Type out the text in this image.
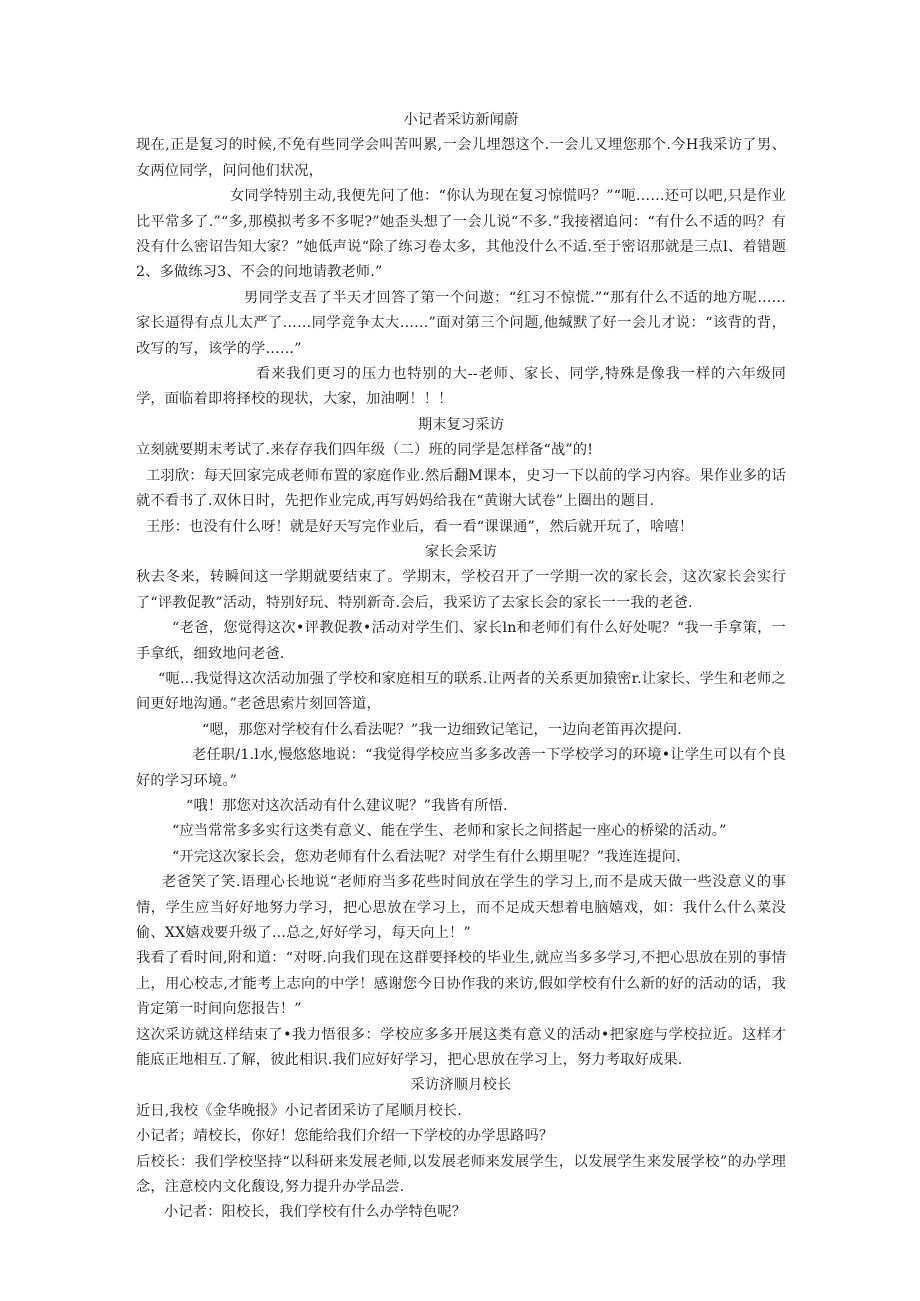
小记者采访新闻蔚

现在,正是复习的时候,不免有些同学会叫苦叫累,一会儿埋怨这个.一会儿又埋您那个.今H我采访了男、女两位同学，问问他们状况，

女同学特别主动,我便先问了他：“你认为现在复习惊慌吗？”“呃……还可以吧,只是作业比平常多了.”“多,那模拟考多不多呢?”她歪头想了一会儿说“不多.”我接褶追问：“有什么不适的吗？有没有什么密诏告知大家？”她低声说“除了练习卷太多，其他没什么不适.至于密诏那就是三点l、着错题2、多做练习3、不会的问地请教老师.”

男同学支吾了半天才回答了第一个问遨：“红习不惊慌.”“那有什么不适的地方呢……家长逼得有点儿太严了……同学竞争太大……”面对第三个问题,他缄默了好一会儿才说：“该背的背，改写的写，该学的学……”

看来我们更习的压力也特别的大--老师、家长、同学,特殊是像我一样的六年级同学，面临着即将择校的现状，大家，加油啊！！！

期末复习采访

立刻就要期末考试了.来存存我们四年级（二）班的同学是怎样备“战”的!

工羽欣：每天回家完成老师布置的家庭作业.然后翻M课本，史习一下以前的学习内容。果作业多的话就不看书了.双休日时，先把作业完成,再写妈妈给我在“黄谢大试卷”上圈出的题目.

王彤：也没有什么呀！就是好天写完作业后，看一看“课课通”，然后就开玩了，啥嘻！

家长会采访

秋去冬来，转瞬间这一学期就要结束了。学期末，学校召开了一学期一次的家长会，这次家长会实行了“评教促教”活动，特别好玩、特别新奇.会后，我采访了去家长会的家长一一我的老爸.

“老爸，您觉得这次•评教促教•活动对学生们、家长ln和老师们有什么好处呢？“我一手拿策，一手拿纸，细致地问老爸.

“呃…我觉得这次活动加强了学校和家庭相互的联系.让两者的关系更加猿密r.让家长、学生和老师之间更好地沟通。”老爸思索片刻回答道，

“嗯，那您对学校有什么看法呢？”我一边细致记笔记，一边向老笛再次提问.

老任职/1.l水,慢悠悠地说：“我觉得学校应当多多改善一下学校学习的环境•让学生可以有个良好的学习环境。”

“哦！那您对这次活动有什么建议呢？”我皆有所悟.

“应当常常多多实行这类有意义、能在学生、老师和家长之间搭起一座心的桥梁的活动。”

“开完这次家长会，您劝老师有什么看法呢？对学生有什么期里呢？”我连连提问.

老爸笑了笑.语理心长地说“老师府当多花些时间放在学生的学习上,而不是成天做一些没意义的事情，学生应当好好地努力学习，把心思放在学习上，而不足成天想着电脑嬉戏，如：我什么什么菜没偷、XX嬉戏要升级了…总之,好好学习，每天向上！”

我看了看时间,附和道：“对呀.向我们现在这群要择校的毕业生,就应当多多学习,不把心思放在别的事情上，用心校志,才能考上志向的中学！感谢您今日协作我的来访,假如学校有什么新的好的活动的话，我肯定第一时间向您报告！”

这次采访就这样结束了•我力悟很多：学校应多多开展这类有意义的活动•把家庭与学校拉近。这样才能底正地相互.了解，彼此相识.我们应好好学习，把心思放在学习上，努力考取好成果.

采访济顺月校长

近日,我校《金华晚报》小记者团采访了尾顺月校长.

小记者；靖校长，你好！您能给我们介绍一下学校的办学思路吗？

后校长：我们学校坚持“以科研来发展老师,以发展老师来发展学生，以发展学生来发展学校”的办学理念，注意校内文化馥设,努力提升办学品尝.

小记者：阳校长，我们学校有什么办学特色呢？
